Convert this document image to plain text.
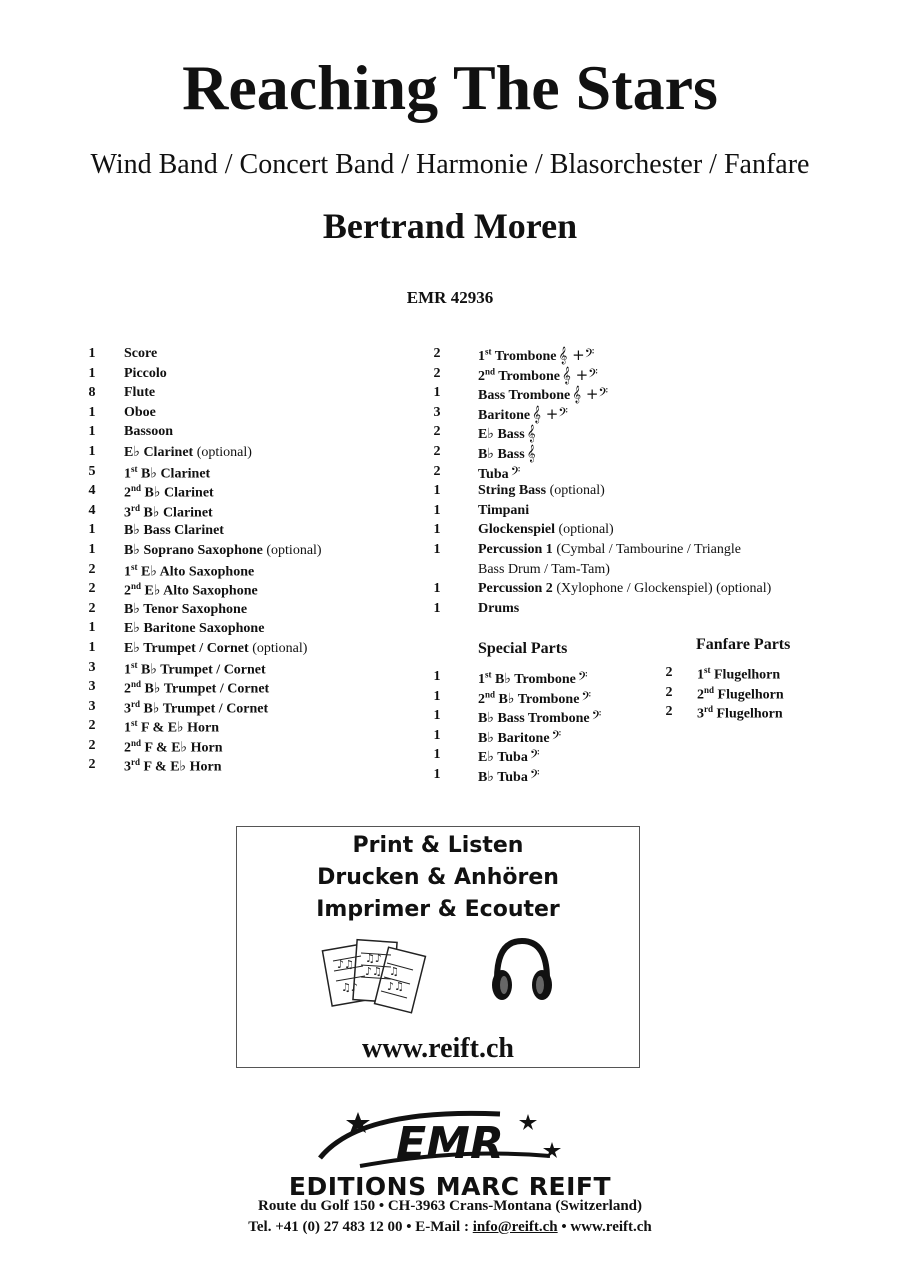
Reaching The Stars
Wind Band / Concert Band / Harmonie / Blasorchester / Fanfare
Bertrand Moren
EMR 42936
1 Score
1 Piccolo
8 Flute
1 Oboe
1 Bassoon
1 E♭ Clarinet (optional)
5 1st B♭ Clarinet
4 2nd B♭ Clarinet
4 3rd B♭ Clarinet
1 B♭ Bass Clarinet
1 B♭ Soprano Saxophone (optional)
2 1st E♭ Alto Saxophone
2 2nd E♭ Alto Saxophone
2 B♭ Tenor Saxophone
1 E♭ Baritone Saxophone
1 E♭ Trumpet / Cornet (optional)
3 1st B♭ Trumpet / Cornet
3 2nd B♭ Trumpet / Cornet
3 3rd B♭ Trumpet / Cornet
2 1st F & E♭ Horn
2 2nd F & E♭ Horn
2 3rd F & E♭ Horn
2	1st Trombone 𝄞 +𝄢
2	2nd Trombone 𝄞 +𝄢
1	Bass Trombone 𝄞 +𝄢
3	Baritone 𝄞 +𝄢
2	E♭ Bass 𝄞
2	B♭ Bass 𝄞
2	Tuba 𝄢
1	String Bass (optional)
1	Timpani
1	Glockenspiel (optional)
1	Percussion 1 (Cymbal / Tambourine / Triangle
Bass Drum / Tam-Tam)
1	Percussion 2 (Xylophone / Glockenspiel) (optional)
1	Drums
Special Parts
1	1st B♭ Trombone 𝄢
1	2nd B♭ Trombone 𝄢
1	B♭ Bass Trombone 𝄢
1	B♭ Baritone 𝄢
1	E♭ Tuba 𝄢
1	B♭ Tuba 𝄢
Fanfare Parts
2 1st Flugelhorn
2 2nd Flugelhorn
2 3rd Flugelhorn
Print & Listen
Drucken & Anhören
Imprimer & Ecouter
♪♫ ♫♪
♪♫ ♫
♪♫
♫♪
www.reift.ch
EMR
EDITIONS MARC REIFT
Route du Golf 150 • CH-3963 Crans-Montana (Switzerland)
Tel. +41 (0) 27 483 12 00 • E-Mail : info@reift.ch • www.reift.ch
